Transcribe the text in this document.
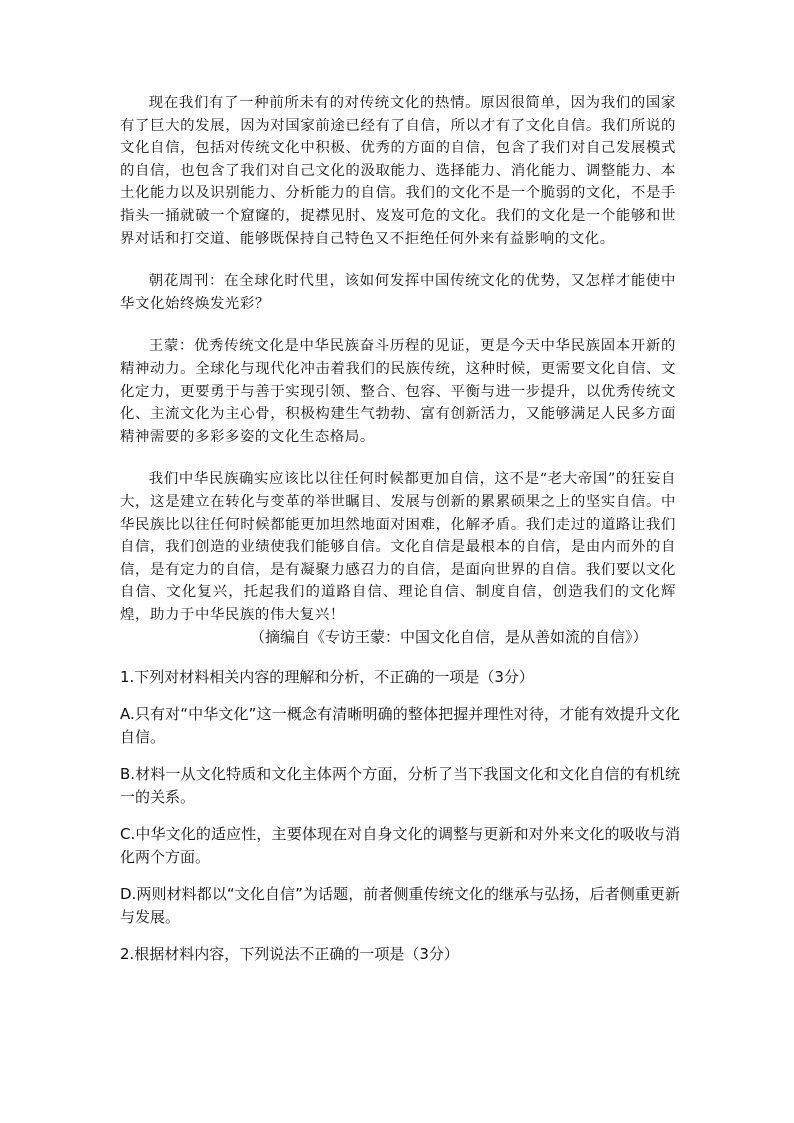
现在我们有了一种前所未有的对传统文化的热情。原因很简单，因为我们的国家有了巨大的发展，因为对国家前途已经有了自信，所以才有了文化自信。我们所说的文化自信，包括对传统文化中积极、优秀的方面的自信，包含了我们对自己发展模式的自信，也包含了我们对自己文化的汲取能力、选择能力、消化能力、调整能力、本土化能力以及识别能力、分析能力的自信。我们的文化不是一个脆弱的文化，不是手指头一捅就破一个窟窿的，捉襟见肘、岌岌可危的文化。我们的文化是一个能够和世界对话和打交道、能够既保持自己特色又不拒绝任何外来有益影响的文化。

朝花周刊：在全球化时代里，该如何发挥中国传统文化的优势，又怎样才能使中华文化始终焕发光彩？

王蒙：优秀传统文化是中华民族奋斗历程的见证，更是今天中华民族固本开新的精神动力。全球化与现代化冲击着我们的民族传统，这种时候，更需要文化自信、文化定力，更要勇于与善于实现引领、整合、包容、平衡与进一步提升，以优秀传统文化、主流文化为主心骨，积极构建生气勃勃、富有创新活力，又能够满足人民多方面精神需要的多彩多姿的文化生态格局。

我们中华民族确实应该比以往任何时候都更加自信，这不是“老大帝国”的狂妄自大，这是建立在转化与变革的举世瞩目、发展与创新的累累硕果之上的坚实自信。中华民族比以往任何时候都能更加坦然地面对困难，化解矛盾。我们走过的道路让我们自信，我们创造的业绩使我们能够自信。文化自信是最根本的自信，是由内而外的自信，是有定力的自信，是有凝聚力感召力的自信，是面向世界的自信。我们要以文化自信、文化复兴，托起我们的道路自信、理论自信、制度自信，创造我们的文化辉煌，助力于中华民族的伟大复兴！

（摘编自《专访王蒙：中国文化自信，是从善如流的自信》）

1.下列对材料相关内容的理解和分析，不正确的一项是（3分）

A.只有对“中华文化”这一概念有清晰明确的整体把握并理性对待，才能有效提升文化自信。

B.材料一从文化特质和文化主体两个方面，分析了当下我国文化和文化自信的有机统一的关系。

C.中华文化的适应性，主要体现在对自身文化的调整与更新和对外来文化的吸收与消化两个方面。

D.两则材料都以“文化自信”为话题，前者侧重传统文化的继承与弘扬，后者侧重更新与发展。

2.根据材料内容，下列说法不正确的一项是（3分）
